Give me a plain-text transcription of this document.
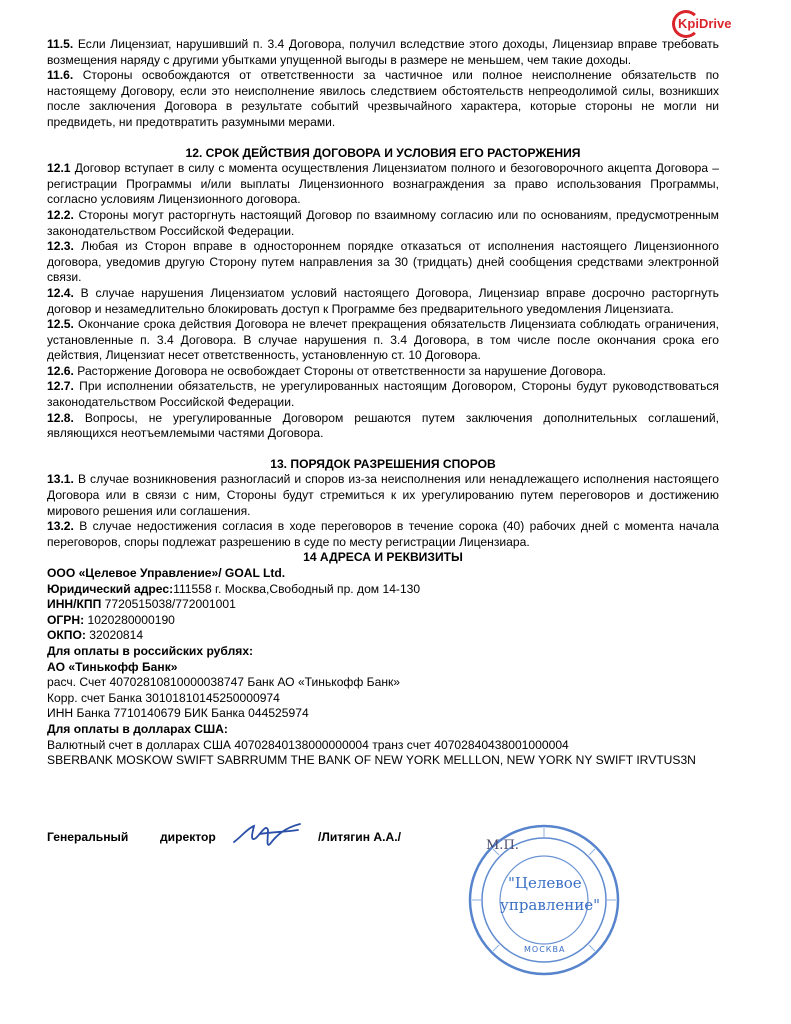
KpiDrive

11.5. Если Лицензиат, нарушивший п. 3.4 Договора, получил вследствие этого доходы, Лицензиар вправе требовать возмещения наряду с другими убытками упущенной выгоды в размере не меньшем, чем такие доходы.

11.6. Стороны освобождаются от ответственности за частичное или полное неисполнение обязательств по настоящему Договору, если это неисполнение явилось следствием обстоятельств непреодолимой силы, возникших после заключения Договора в результате событий чрезвычайного характера, которые стороны не могли ни предвидеть, ни предотвратить разумными мерами.

12. СРОК ДЕЙСТВИЯ ДОГОВОРА И УСЛОВИЯ ЕГО РАСТОРЖЕНИЯ

12.1 Договор вступает в силу с момента осуществления Лицензиатом полного и безоговорочного акцепта Договора – регистрации Программы и/или выплаты Лицензионного вознаграждения за право использования Программы, согласно условиям Лицензионного договора.

12.2. Стороны могут расторгнуть настоящий Договор по взаимному согласию или по основаниям, предусмотренным законодательством Российской Федерации.

12.3. Любая из Сторон вправе в одностороннем порядке отказаться от исполнения настоящего Лицензионного договора, уведомив другую Сторону путем направления за 30 (тридцать) дней сообщения средствами электронной связи.

12.4. В случае нарушения Лицензиатом условий настоящего Договора, Лицензиар вправе досрочно расторгнуть договор и незамедлительно блокировать доступ к Программе без предварительного уведомления Лицензиата.

12.5. Окончание срока действия Договора не влечет прекращения обязательств Лицензиата соблюдать ограничения, установленные п. 3.4 Договора. В случае нарушения п. 3.4 Договора, в том числе после окончания срока его действия, Лицензиат несет ответственность, установленную ст. 10 Договора.

12.6. Расторжение Договора не освобождает Стороны от ответственности за нарушение Договора.

12.7. При исполнении обязательств, не урегулированных настоящим Договором, Стороны будут руководствоваться законодательством Российской Федерации.

12.8. Вопросы, не урегулированные Договором решаются путем заключения дополнительных соглашений, являющихся неотъемлемыми частями Договора.

13. ПОРЯДОК РАЗРЕШЕНИЯ СПОРОВ

13.1. В случае возникновения разногласий и споров из-за неисполнения или ненадлежащего исполнения настоящего Договора или в связи с ним, Стороны будут стремиться к их урегулированию путем переговоров и достижению мирового решения или соглашения.

13.2. В случае недостижения согласия в ходе переговоров в течение сорока (40) рабочих дней с момента начала переговоров, споры подлежат разрешению в суде по месту регистрации Лицензиара.

14 АДРЕСА И РЕКВИЗИТЫ

ООО «Целевое Управление»/ GOAL Ltd.

Юридический адрес:111558 г. Москва,Свободный пр. дом 14-130

ИНН/КПП 7720515038/772001001

ОГРН: 1020280000190

ОКПО: 32020814

Для оплаты в российских рублях:

АО «Тинькофф Банк»

расч. Счет 40702810810000038747 Банк АО «Тинькофф Банк»

Корр. счет Банка 30101810145250000974

ИНН Банка 7710140679 БИК Банка 044525974

Для оплаты в долларах США:

Валютный счет в долларах США 40702840138000000004 транз счет 40702840438001000004

SBERBANK MOSKOW SWIFT SABRRUMM THE BANK OF NEW YORK MELLLON, NEW YORK NY SWIFT IRVTUS3N

Генеральный	директор	/Литягин А.А./
М.П.
"Целевое
управление"
МОСКВА
